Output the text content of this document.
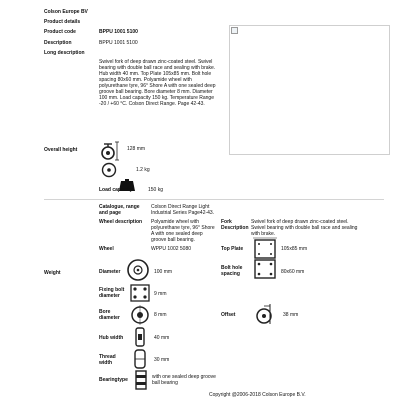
Colson Europe BV
Product details
Product code	BPPU 1001 5100
Description	BPPU 1001 5100
Long description
Swivel fork of deep drawn zinc-coated steel. Swivel bearing with double ball race and sealing with brake. Hub width 40 mm. Top Plate 105x85 mm. Bolt hole spacing 80x60 mm. Polyamide wheel with polyurethane tyre, 96° Shore A with one sealed deep groove ball bearing. Bore diameter 8 mm. Diameter 100 mm. Load capacity 150 kg. Temperature Range -20 / +60 °C. Colson Direct Range. Page 42-43.
Overall height	128 mm
1.2 kg
Load capacity	150 kg
Catalogue, range and page
Colson Direct Range Light Industrial Series Page42-43.
Wheel description Polyamide wheel with polyurethane tyre, 96° Shore A with one sealed deep groove ball bearing.
Fork Description
Swivel fork of deep drawn zinc-coated steel. Swivel bearing with double ball race and sealing with brake.
Wheel	WPPU 1002 5080	Top Plate	105x85 mm
Weight	Diameter	100 mm
Bolt hole spacing	80x60 mm
Fixing bolt diameter	9 mm
Bore diameter	8 mm	Offset	38 mm
Hub width	40 mm
Thread width	30 mm
Bearingtype	with one sealed deep groove ball bearing
Copyright @2006-2018 Colson Europe B.V.
